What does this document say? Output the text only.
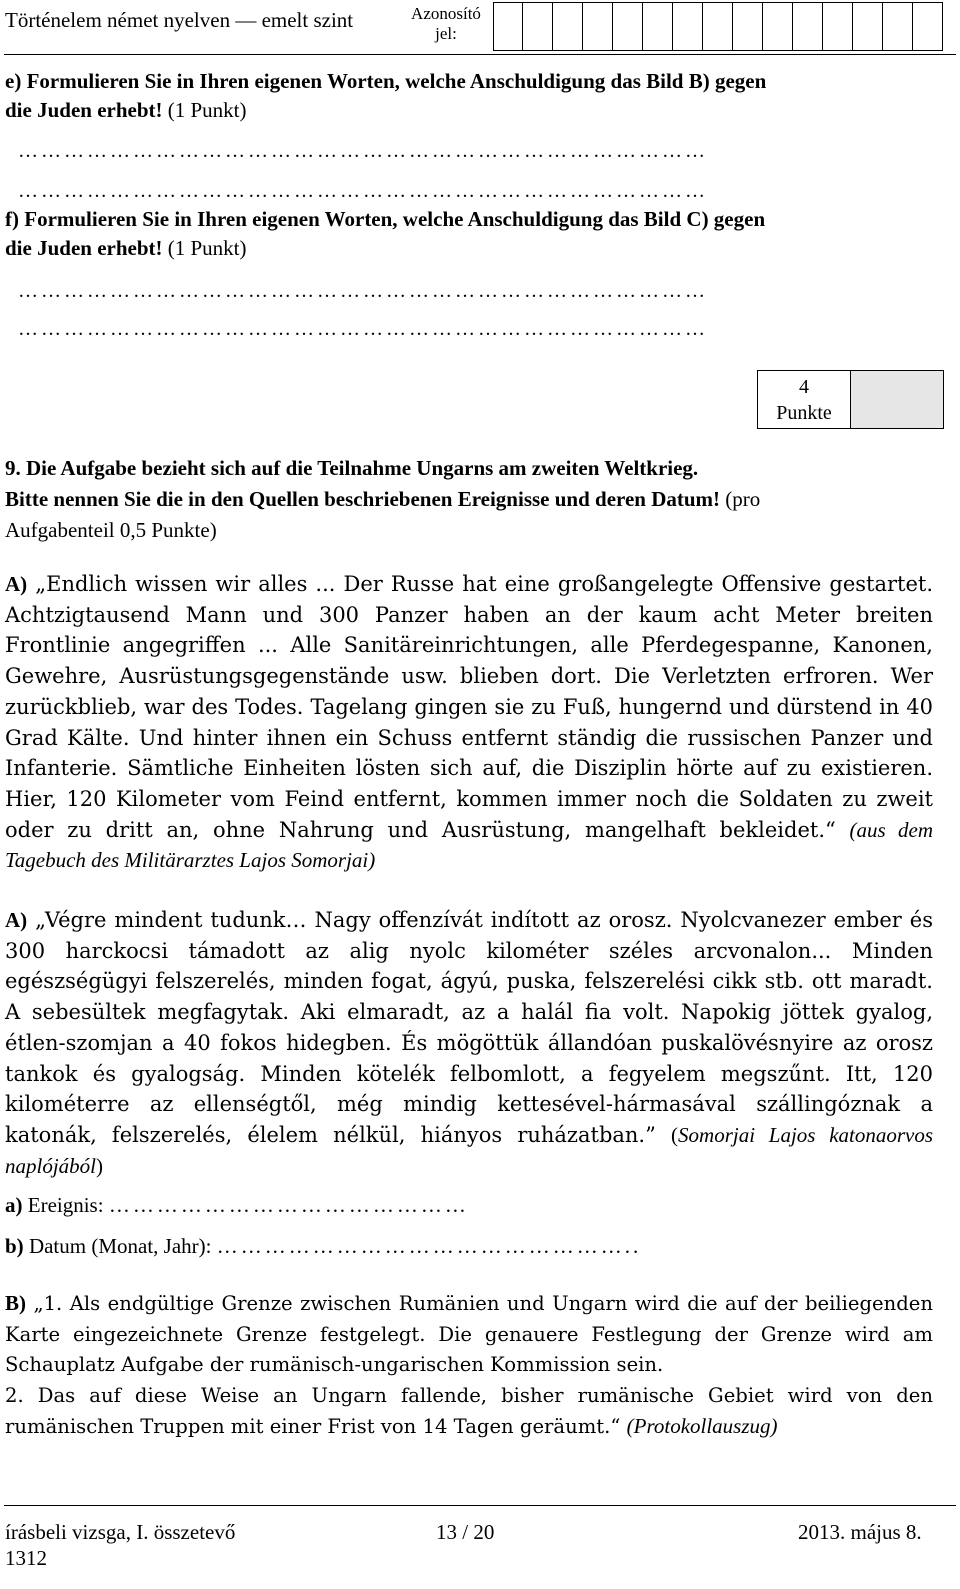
Történelem német nyelven — emelt szint	Azonosító jel:
e) Formulieren Sie in Ihren eigenen Worten, welche Anschuldigung das Bild B) gegen
die Juden erhebt! (1 Punkt)
………………………………………………………………………………
………………………………………………………………………………
f) Formulieren Sie in Ihren eigenen Worten, welche Anschuldigung das Bild C) gegen
die Juden erhebt! (1 Punkt)
………………………………………………………………………………
………………………………………………………………………………
4
Punkte
9. Die Aufgabe bezieht sich auf die Teilnahme Ungarns am zweiten Weltkrieg.
Bitte nennen Sie die in den Quellen beschriebenen Ereignisse und deren Datum! (pro
Aufgabenteil 0,5 Punkte)
A) „Endlich wissen wir alles ... Der Russe hat eine großangelegte Offensive gestartet. Achtzigtausend Mann und 300 Panzer haben an der kaum acht Meter breiten Frontlinie angegriffen ... Alle Sanitäreinrichtungen, alle Pferdegespanne, Kanonen, Gewehre, Ausrüstungsgegenstände usw. blieben dort. Die Verletzten erfroren. Wer zurückblieb, war des Todes. Tagelang gingen sie zu Fuß, hungernd und dürstend in 40 Grad Kälte. Und hinter ihnen ein Schuss entfernt ständig die russischen Panzer und Infanterie. Sämtliche Einheiten lösten sich auf, die Disziplin hörte auf zu existieren. Hier, 120 Kilometer vom Feind entfernt, kommen immer noch die Soldaten zu zweit oder zu dritt an, ohne Nahrung und Ausrüstung, mangelhaft bekleidet.“ (aus dem Tagebuch des Militärarztes Lajos Somorjai)
A) „Végre mindent tudunk… Nagy offenzívát indított az orosz. Nyolcvanezer ember és 300 harckocsi támadott az alig nyolc kilométer széles arcvonalon... Minden egészségügyi felszerelés, minden fogat, ágyú, puska, felszerelési cikk stb. ott maradt. A sebesültek megfagytak. Aki elmaradt, az a halál fia volt. Napokig jöttek gyalog, étlen-szomjan a 40 fokos hidegben. És mögöttük állandóan puskalövésnyire az orosz tankok és gyalogság. Minden kötelék felbomlott, a fegyelem megszűnt. Itt, 120 kilométerre az ellenségtől, még mindig kettesével-hármasával szállingóznak a katonák, felszerelés, élelem nélkül, hiányos ruházatban.” (Somorjai Lajos katonaorvos naplójából)
a) Ereignis: ………………………………………
b) Datum (Monat, Jahr): ……………………………………………..
B) „1. Als endgültige Grenze zwischen Rumänien und Ungarn wird die auf der beiliegenden Karte eingezeichnete Grenze festgelegt. Die genauere Festlegung der Grenze wird am Schauplatz Aufgabe der rumänisch-ungarischen Kommission sein.
2. Das auf diese Weise an Ungarn fallende, bisher rumänische Gebiet wird von den rumänischen Truppen mit einer Frist von 14 Tagen geräumt.“ (Protokollauszug)
írásbeli vizsga, I. összetevő
1312
13 / 20	2013. május 8.
